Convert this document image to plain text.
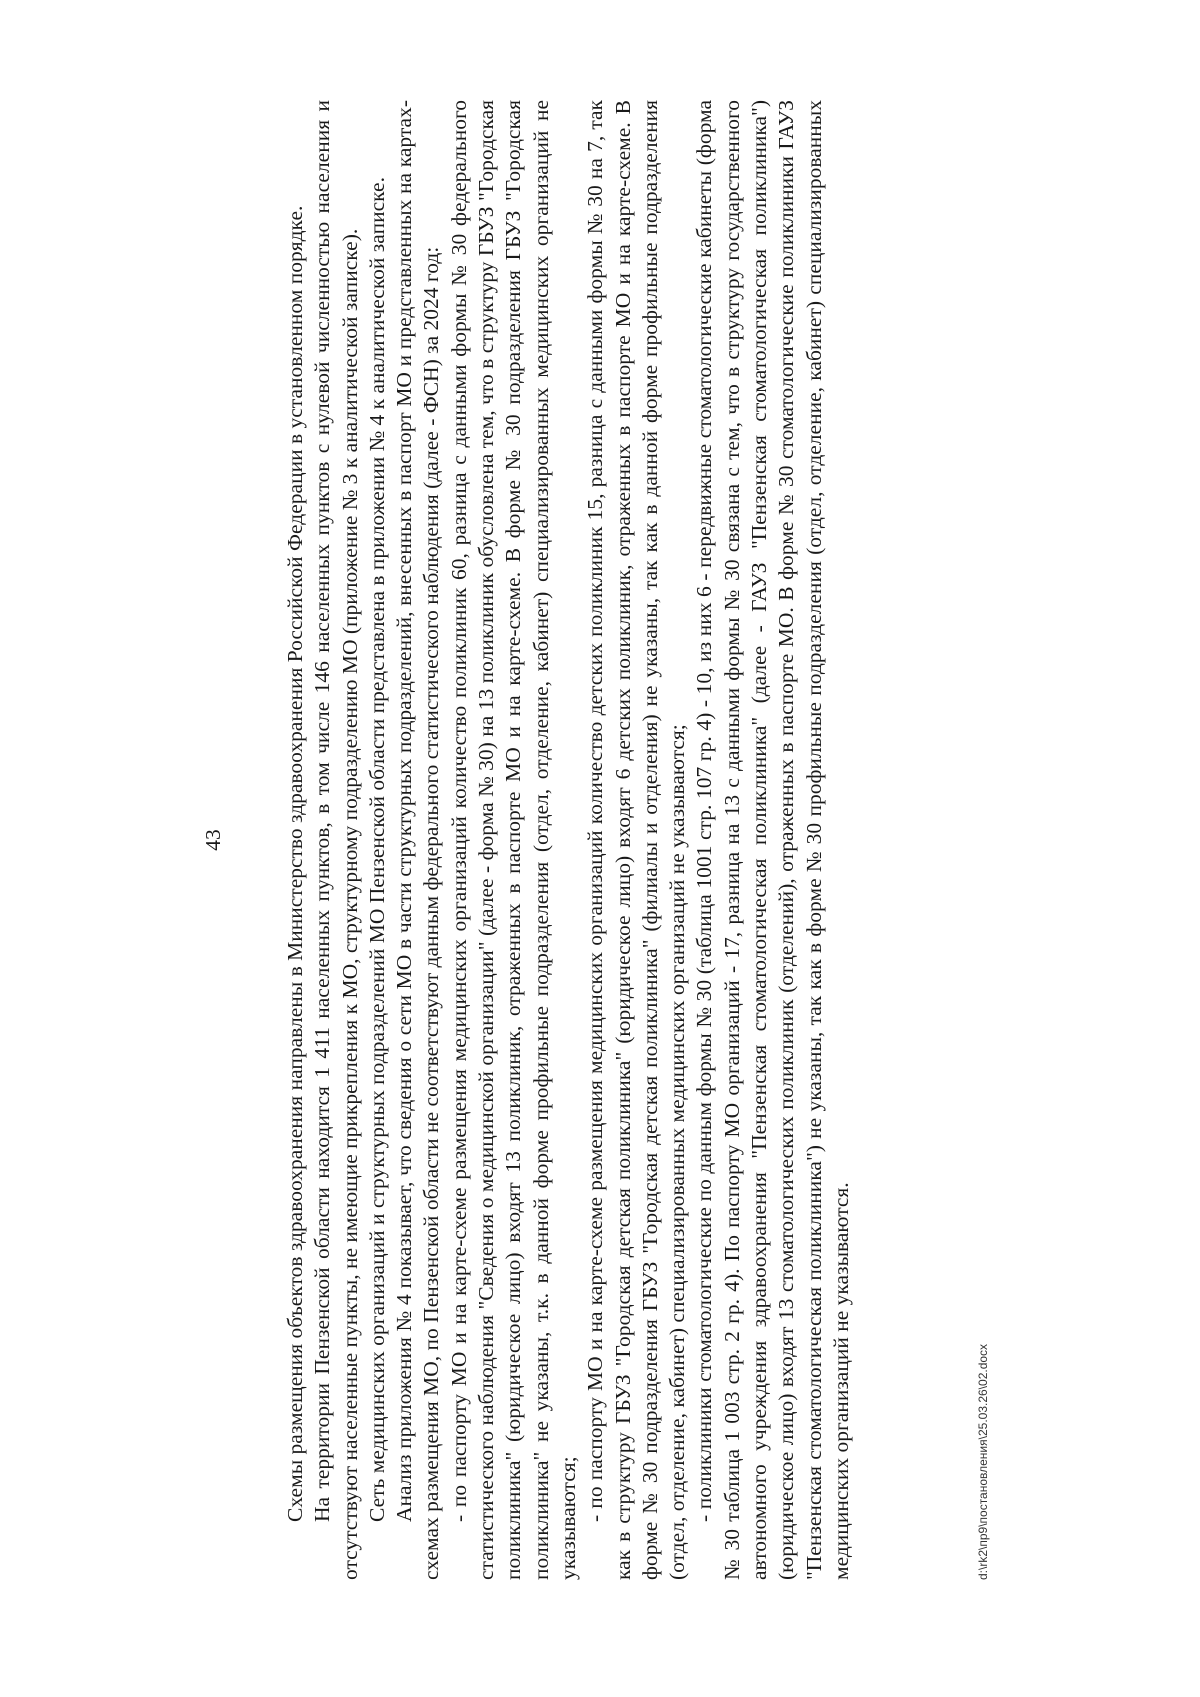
43	Схемы размещения объектов здравоохранения направлены в Министерство здравоохранения Российской Федерации в установленном порядке. На территории Пензенской области находится 1 411 населенных пунктов, в том числе 146 населенных пунктов с нулевой численностью населения и отсутствуют населенные пункты, не имеющие прикрепления к МО, структурному подразделению МО (приложение № 3 к аналитической записке). Сеть медицинских организаций и структурных подразделений МО Пензенской области представлена в приложении № 4 к аналитической записке. Анализ приложения № 4 показывает, что сведения о сети МО в части структурных подразделений, внесенных в паспорт МО и представленных на картах-схемах размещения МО, по Пензенской области не соответствуют данным федерального статистического наблюдения (далее - ФСН) за 2024 год: - по паспорту МО и на карте-схеме размещения медицинских организаций количество поликлиник 60, разница с данными формы № 30 федерального статистического наблюдения "Сведения о медицинской организации" (далее - форма № 30) на 13 поликлиник обусловлена тем, что в структуру ГБУЗ "Городская поликлиника" (юридическое лицо) входят 13 поликлиник, отраженных в паспорте МО и на карте-схеме. В форме № 30 подразделения ГБУЗ "Городская поликлиника" не указаны, т.к. в данной форме профильные подразделения (отдел, отделение, кабинет) специализированных медицинских организаций не указываются; - по паспорту МО и на карте-схеме размещения медицинских организаций количество детских поликлиник 15, разница с данными формы № 30 на 7, так как в структуру ГБУЗ "Городская детская поликлиника" (юридическое лицо) входят 6 детских поликлиник, отраженных в паспорте МО и на карте-схеме. В форме № 30 подразделения ГБУЗ "Городская детская поликлиника" (филиалы и отделения) не указаны, так как в данной форме профильные подразделения (отдел, отделение, кабинет) специализированных медицинских организаций не указываются; - поликлиники стоматологические по данным формы № 30 (таблица 1001 стр. 107 гр. 4) - 10, из них 6 - передвижные стоматологические кабинеты (форма № 30 таблица 1 003 стр. 2 гр. 4). По паспорту МО организаций - 17, разница на 13 с данными формы № 30 связана с тем, что в структуру государственного автономного учреждения здравоохранения "Пензенская стоматологическая поликлиника" (далее - ГАУЗ "Пензенская стоматологическая поликлиника") (юридическое лицо) входят 13 стоматологических поликлиник (отделений), отраженных в паспорте МО. В форме № 30 стоматологические поликлиники ГАУЗ "Пензенская стоматологическая поликлиника") не указаны, так как в форме № 30 профильные подразделения (отдел, отделение, кабинет) специализированных медицинских организаций не указываются.	d:\rk2\пр9\постановления\25.03.26\02.docx
